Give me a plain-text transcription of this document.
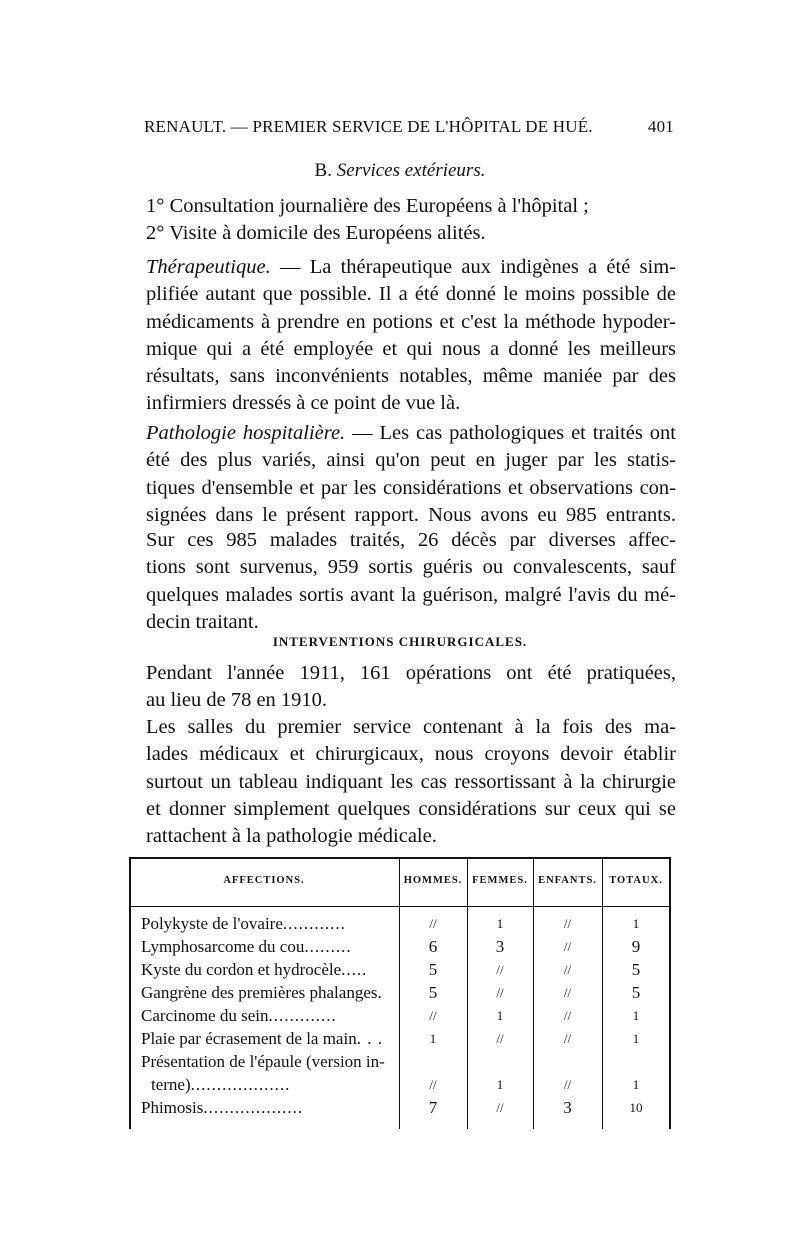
RENAULT. — PREMIER SERVICE DE L'HÔPITAL DE HUÉ.	401
B. Services extérieurs.
1° Consultation journalière des Européens à l'hôpital ;
2° Visite à domicile des Européens alités.
Thérapeutique. — La thérapeutique aux indigènes a été sim-
plifiée autant que possible. Il a été donné le moins possible de
médicaments à prendre en potions et c'est la méthode hypoder-
mique qui a été employée et qui nous a donné les meilleurs
résultats, sans inconvénients notables, même maniée par des
infirmiers dressés à ce point de vue là.
Pathologie hospitalière. — Les cas pathologiques et traités ont
été des plus variés, ainsi qu'on peut en juger par les statis-
tiques d'ensemble et par les considérations et observations con-
signées dans le présent rapport. Nous avons eu 985 entrants.
Sur ces 985 malades traités, 26 décès par diverses affec-
tions sont survenus, 959 sortis guéris ou convalescents, sauf
quelques malades sortis avant la guérison, malgré l'avis du mé-
decin traitant.
INTERVENTIONS CHIRURGICALES.
Pendant l'année 1911, 161 opérations ont été pratiquées,
au lieu de 78 en 1910.
Les salles du premier service contenant à la fois des ma-
lades médicaux et chirurgicaux, nous croyons devoir établir
surtout un tableau indiquant les cas ressortissant à la chirurgie
et donner simplement quelques considérations sur ceux qui se
rattachent à la pathologie médicale.
AFFECTIONS.	HOMMES. FEMMES. ENFANTS.	TOTAUX.
Polykyste de l'ovaire............	//	1	//	1
Lymphosarcome du cou.........	6	3	//	9
Kyste du cordon et hydrocèle.....	5	//	//	5
Gangrène des premières phalanges.	5	//	//	5
Carcinome du sein.............	//	1	//	1
Plaie par écrasement de la main. . .	1	//	//	1
Présentation de l'épaule (version in-
terne)...................	//	1	//	1
Phimosis...................	7	//	3	10
